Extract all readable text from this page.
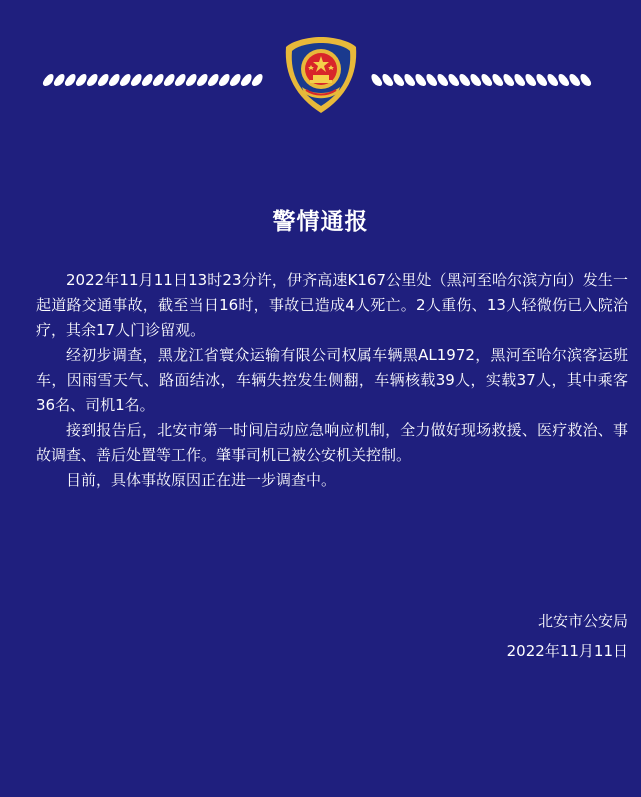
警情通报

2022年11月11日13时23分许，伊齐高速K167公里处（黑河至哈尔滨方向）发生一起道路交通事故，截至当日16时，事故已造成4人死亡。2人重伤、13人轻微伤已入院治疗，其余17人门诊留观。

经初步调查，黑龙江省寰众运输有限公司权属车辆黑AL1972，黑河至哈尔滨客运班车，因雨雪天气、路面结冰，车辆失控发生侧翻，车辆核载39人，实载37人，其中乘客36名、司机1名。

接到报告后，北安市第一时间启动应急响应机制，全力做好现场救援、医疗救治、事故调查、善后处置等工作。肇事司机已被公安机关控制。

目前，具体事故原因正在进一步调查中。

北安市公安局
2022年11月11日
